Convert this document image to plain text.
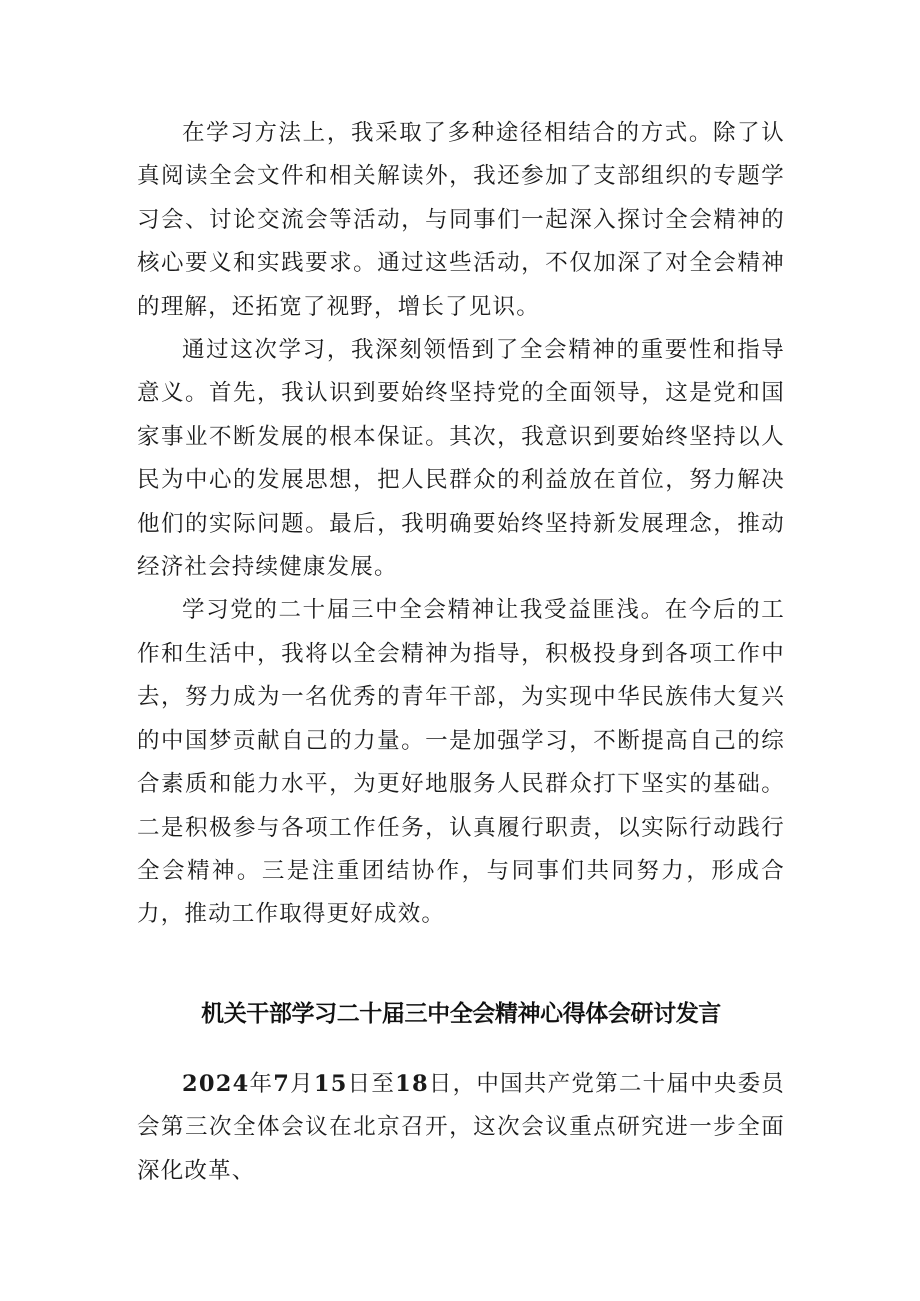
在学习方法上，我采取了多种途径相结合的方式。除了认真阅读全会文件和相关解读外，我还参加了支部组织的专题学习会、讨论交流会等活动，与同事们一起深入探讨全会精神的核心要义和实践要求。通过这些活动，不仅加深了对全会精神的理解，还拓宽了视野，增长了见识。

通过这次学习，我深刻领悟到了全会精神的重要性和指导意义。首先，我认识到要始终坚持党的全面领导，这是党和国家事业不断发展的根本保证。其次，我意识到要始终坚持以人民为中心的发展思想，把人民群众的利益放在首位，努力解决他们的实际问题。最后，我明确要始终坚持新发展理念，推动经济社会持续健康发展。

学习党的二十届三中全会精神让我受益匪浅。在今后的工作和生活中，我将以全会精神为指导，积极投身到各项工作中去，努力成为一名优秀的青年干部，为实现中华民族伟大复兴的中国梦贡献自己的力量。一是加强学习，不断提高自己的综合素质和能力水平，为更好地服务人民群众打下坚实的基础。二是积极参与各项工作任务，认真履行职责，以实际行动践行全会精神。三是注重团结协作，与同事们共同努力，形成合力，推动工作取得更好成效。

机关干部学习二十届三中全会精神心得体会研讨发言

2024年7月15日至18日，中国共产党第二十届中央委员会第三次全体会议在北京召开，这次会议重点研究进一步全面深化改革、
